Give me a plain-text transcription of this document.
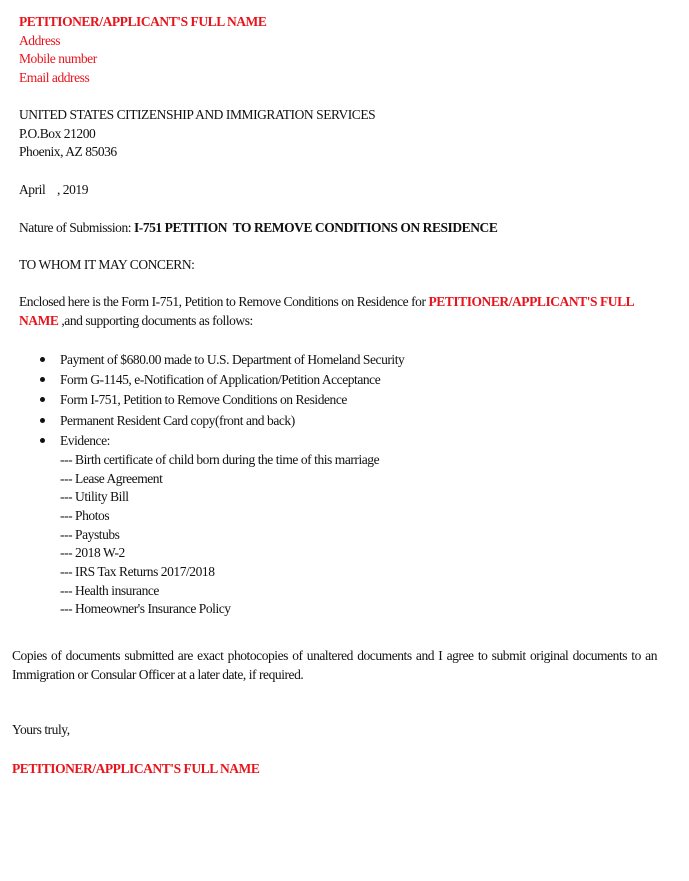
PETITIONER/APPLICANT'S FULL NAME
Address
Mobile number
Email address
UNITED STATES CITIZENSHIP AND IMMIGRATION SERVICES
P.O.Box 21200
Phoenix, AZ 85036
April    , 2019
Nature of Submission: I-751 PETITION  TO REMOVE CONDITIONS ON RESIDENCE
TO WHOM IT MAY CONCERN:
Enclosed here is the Form I-751, Petition to Remove Conditions on Residence for PETITIONER/APPLICANT'S FULL NAME ,and supporting documents as follows:
Payment of $680.00 made to U.S. Department of Homeland Security
Form G-1145, e-Notification of Application/Petition Acceptance
Form I-751, Petition to Remove Conditions on Residence
Permanent Resident Card copy(front and back)
Evidence:
--- Birth certificate of child born during the time of this marriage
--- Lease Agreement
--- Utility Bill
--- Photos
--- Paystubs
--- 2018 W-2
--- IRS Tax Returns 2017/2018
--- Health insurance
--- Homeowner's Insurance Policy
Copies of documents submitted are exact photocopies of unaltered documents and I agree to submit original documents to an Immigration or Consular Officer at a later date, if required.
Yours truly,
PETITIONER/APPLICANT'S FULL NAME
